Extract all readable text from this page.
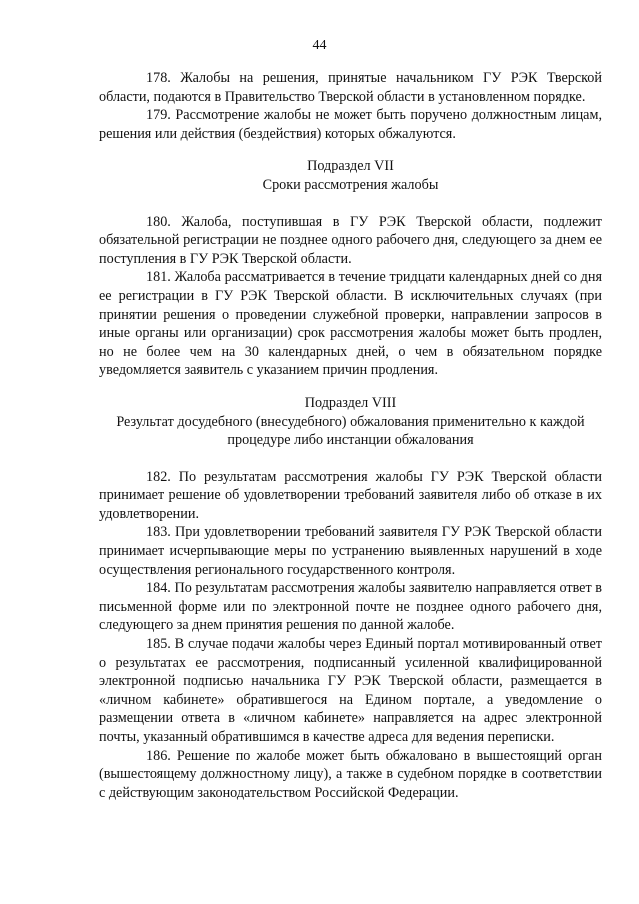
44

178. Жалобы на решения, принятые начальником ГУ РЭК Тверской области, подаются в Правительство Тверской области в установленном порядке.

179. Рассмотрение жалобы не может быть поручено должностным лицам, решения или действия (бездействия) которых обжалуются.

Подраздел VII

Сроки рассмотрения жалобы

180. Жалоба, поступившая в ГУ РЭК Тверской области, подлежит обязательной регистрации не позднее одного рабочего дня, следующего за днем ее поступления в ГУ РЭК Тверской области.

181. Жалоба рассматривается в течение тридцати календарных дней со дня ее регистрации в ГУ РЭК Тверской области. В исключительных случаях (при принятии решения о проведении служебной проверки, направлении запросов в иные органы или организации) срок рассмотрения жалобы может быть продлен, но не более чем на 30 календарных дней, о чем в обязательном порядке уведомляется заявитель с указанием причин продления.

Подраздел VIII

Результат досудебного (внесудебного) обжалования применительно к каждой процедуре либо инстанции обжалования

182. По результатам рассмотрения жалобы ГУ РЭК Тверской области принимает решение об удовлетворении требований заявителя либо об отказе в их удовлетворении.

183. При удовлетворении требований заявителя ГУ РЭК Тверской области принимает исчерпывающие меры по устранению выявленных нарушений в ходе осуществления регионального государственного контроля.

184. По результатам рассмотрения жалобы заявителю направляется ответ в письменной форме или по электронной почте не позднее одного рабочего дня, следующего за днем принятия решения по данной жалобе.

185. В случае подачи жалобы через Единый портал мотивированный ответ о результатах ее рассмотрения, подписанный усиленной квалифицированной электронной подписью начальника ГУ РЭК Тверской области, размещается в «личном кабинете» обратившегося на Едином портале, а уведомление о размещении ответа в «личном кабинете» направляется на адрес электронной почты, указанный обратившимся в качестве адреса для ведения переписки.

186. Решение по жалобе может быть обжаловано в вышестоящий орган (вышестоящему должностному лицу), а также в судебном порядке в соответствии с действующим законодательством Российской Федерации.
